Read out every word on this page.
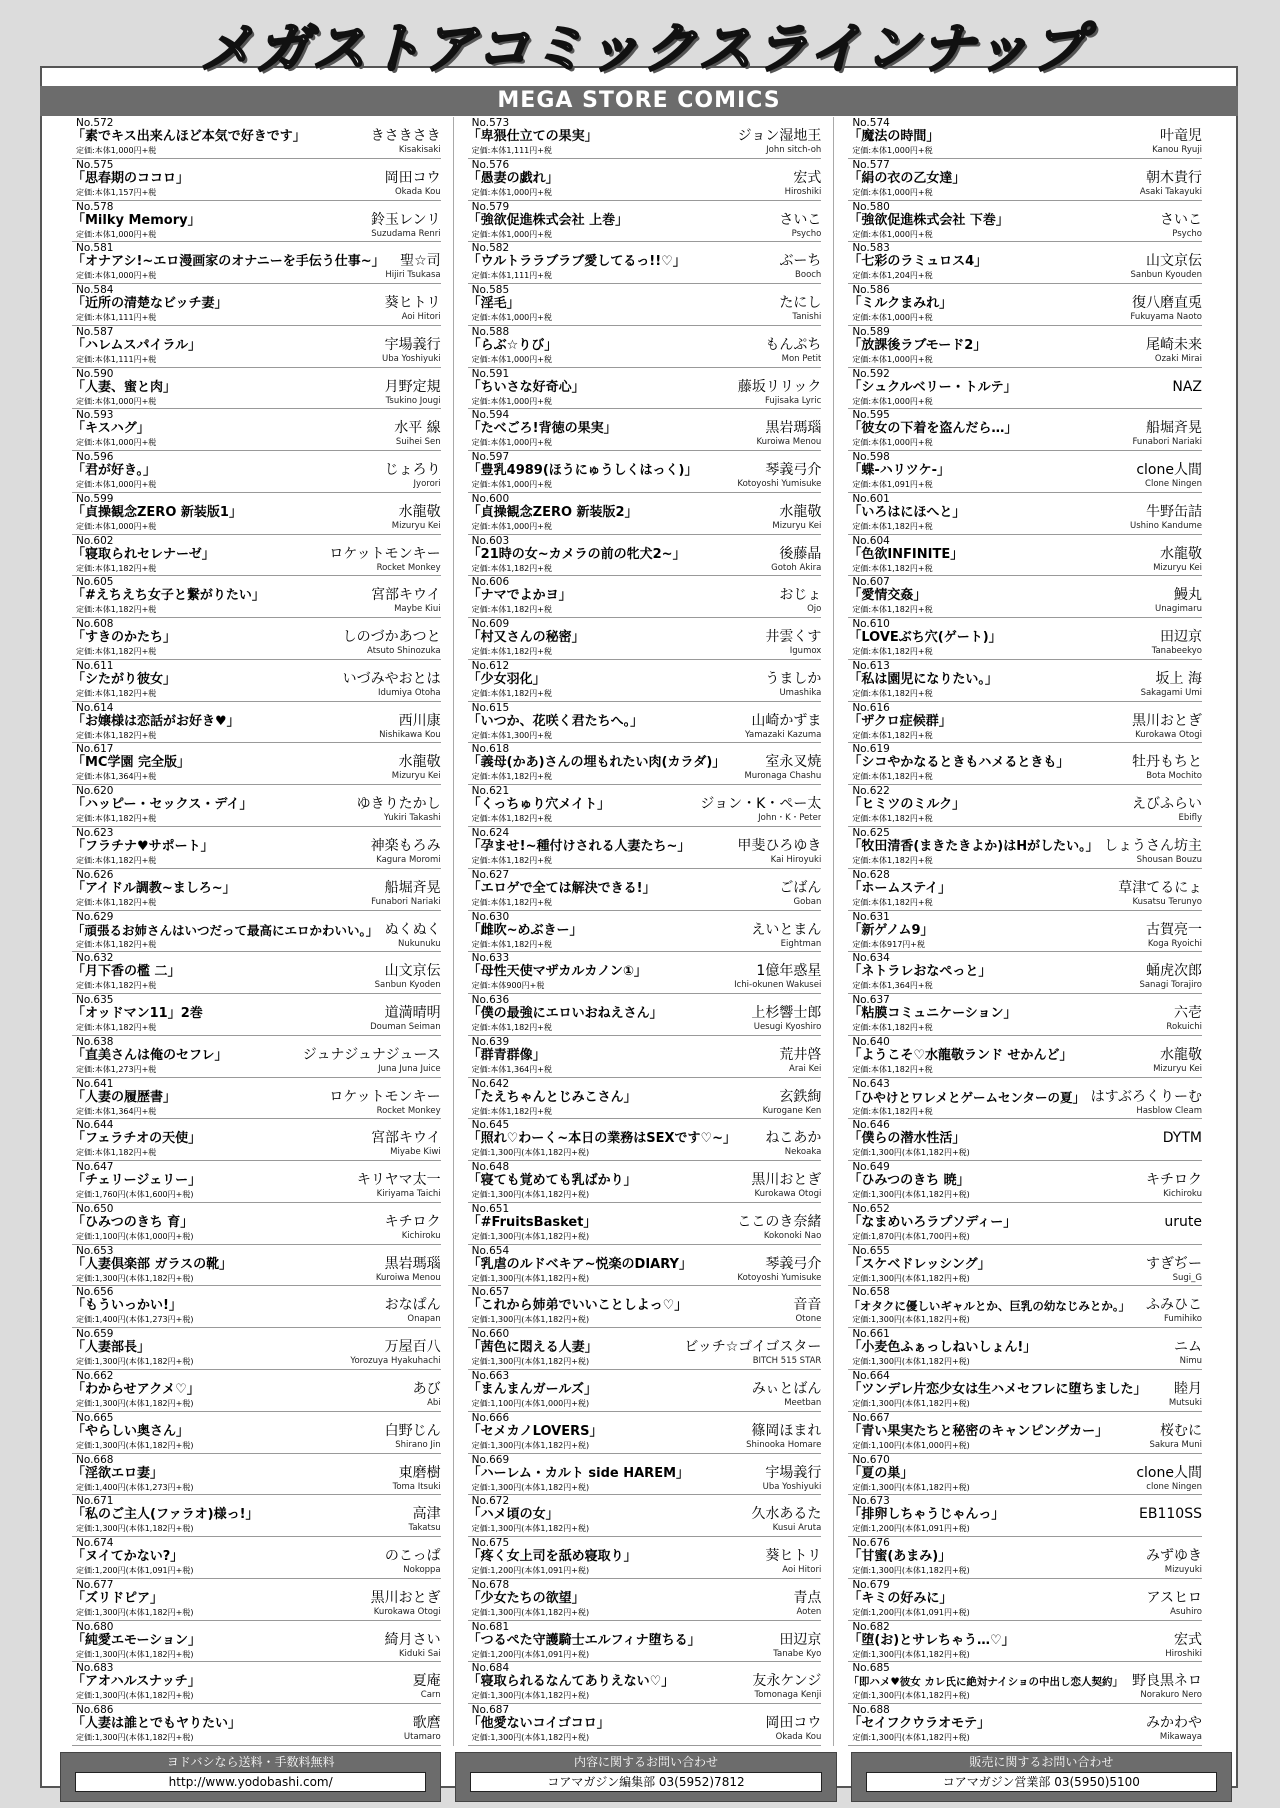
メガストアコミックスラインナップ
MEGA STORE COMICS
No.572
「素でキス出来んほど本気で好きです」
定価:本体1,000円+税
きさきさき
Kisakisaki
No.575
「思春期のココロ」
定価:本体1,157円+税
岡田コウ
Okada Kou
No.578
「Milky Memory」
定価:本体1,000円+税
鈴玉レンリ
Suzudama Renri
No.581
「オナアシ!~エロ漫画家のオナニーを手伝う仕事~」
定価:本体1,000円+税
聖☆司
Hijiri Tsukasa
No.584
「近所の清楚なビッチ妻」
定価:本体1,111円+税
葵ヒトリ
Aoi Hitori
No.587
「ハレムスパイラル」
定価:本体1,111円+税
宇場義行
Uba Yoshiyuki
No.590
「人妻、蜜と肉」
定価:本体1,000円+税
月野定規
Tsukino Jougi
No.593
「キスハグ」
定価:本体1,000円+税
水平 線
Suihei Sen
No.596
「君が好き。」
定価:本体1,000円+税
じょろり
Jyorori
No.599
「貞操観念ZERO 新装版1」
定価:本体1,000円+税
水龍敬
Mizuryu Kei
No.602
「寝取られセレナーゼ」
定価:本体1,182円+税
ロケットモンキー
Rocket Monkey
No.605
「#えちえち女子と繋がりたい」
定価:本体1,182円+税
宮部キウイ
Maybe Kiui
No.608
「すきのかたち」
定価:本体1,182円+税
しのづかあつと
Atsuto Shinozuka
No.611
「シたがり彼女」
定価:本体1,182円+税
いづみやおとは
Idumiya Otoha
No.614
「お嬢様は恋話がお好き♥」
定価:本体1,182円+税
西川康
Nishikawa Kou
No.617
「MC学園 完全版」
定価:本体1,364円+税
水龍敬
Mizuryu Kei
No.620
「ハッピー・セックス・デイ」
定価:本体1,182円+税
ゆきりたかし
Yukiri Takashi
No.623
「フラチナ♥サポート」
定価:本体1,182円+税
神楽もろみ
Kagura Moromi
No.626
「アイドル調教~ましろ~」
定価:本体1,182円+税
船堀斉晃
Funabori Nariaki
No.629
「頑張るお姉さんはいつだって最高にエロかわいい。」
定価:本体1,182円+税
ぬくぬく
Nukunuku
No.632
「月下香の檻 二」
定価:本体1,182円+税
山文京伝
Sanbun Kyoden
No.635
「オッドマン11」2巻
定価:本体1,182円+税
道満晴明
Douman Seiman
No.638
「直美さんは俺のセフレ」
定価:本体1,273円+税
ジュナジュナジュース
Juna Juna Juice
No.641
「人妻の履歴書」
定価:本体1,364円+税
ロケットモンキー
Rocket Monkey
No.644
「フェラチオの天使」
定価:本体1,182円+税
宮部キウイ
Miyabe Kiwi
No.647
「チェリージェリー」
定価:1,760円(本体1,600円+税)
キリヤマ太一
Kiriyama Taichi
No.650
「ひみつのきち 育」
定価:1,100円(本体1,000円+税)
キチロク
Kichiroku
No.653
「人妻倶楽部 ガラスの靴」
定価:1,300円(本体1,182円+税)
黒岩瑪瑙
Kuroiwa Menou
No.656
「もういっかい!」
定価:1,400円(本体1,273円+税)
おなぱん
Onapan
No.659
「人妻部長」
定価:1,300円(本体1,182円+税)
万屋百八
Yorozuya Hyakuhachi
No.662
「わからせアクメ♡」
定価:1,300円(本体1,182円+税)
あび
Abi
No.665
「やらしい奥さん」
定価:1,300円(本体1,182円+税)
白野じん
Shirano Jin
No.668
「淫欲エロ妻」
定価:1,400円(本体1,273円+税)
東磨樹
Toma Itsuki
No.671
「私のご主人(ファラオ)様っ!」
定価:1,300円(本体1,182円+税)
高津
Takatsu
No.674
「ヌイてかない?」
定価:1,200円(本体1,091円+税)
のこっぱ
Nokoppa
No.677
「ズリドピア」
定価:1,300円(本体1,182円+税)
黒川おとぎ
Kurokawa Otogi
No.680
「純愛エモーション」
定価:1,300円(本体1,182円+税)
綺月さい
Kiduki Sai
No.683
「アオハルスナッチ」
定価:1,300円(本体1,182円+税)
夏庵
Carn
No.686
「人妻は誰とでもヤりたい」
定価:1,300円(本体1,182円+税)
歌麿
Utamaro
No.573
「卑猥仕立ての果実」
定価:本体1,111円+税
ジョン湿地王
John sitch-oh
No.576
「愚妻の戯れ」
定価:本体1,000円+税
宏式
Hiroshiki
No.579
「強欲促進株式会社 上巻」
定価:本体1,000円+税
さいこ
Psycho
No.582
「ウルトララブラブ愛してるっ!!♡」
定価:本体1,111円+税
ぶーち
Booch
No.585
「淫毛」
定価:本体1,000円+税
たにし
Tanishi
No.588
「らぶ☆りび」
定価:本体1,000円+税
もんぷち
Mon Petit
No.591
「ちいさな好奇心」
定価:本体1,000円+税
藤坂リリック
Fujisaka Lyric
No.594
「たべごろ!背徳の果実」
定価:本体1,000円+税
黒岩瑪瑙
Kuroiwa Menou
No.597
「豊乳4989(ほうにゅうしくはっく)」
定価:本体1,000円+税
琴義弓介
Kotoyoshi Yumisuke
No.600
「貞操観念ZERO 新装版2」
定価:本体1,000円+税
水龍敬
Mizuryu Kei
No.603
「21時の女~カメラの前の牝犬2~」
定価:本体1,182円+税
後藤晶
Gotoh Akira
No.606
「ナマでよかヨ」
定価:本体1,182円+税
おじょ
Ojo
No.609
「村又さんの秘密」
定価:本体1,182円+税
井雲くす
Igumox
No.612
「少女羽化」
定価:本体1,182円+税
うましか
Umashika
No.615
「いつか、花咲く君たちへ。」
定価:本体1,300円+税
山崎かずま
Yamazaki Kazuma
No.618
「義母(かあ)さんの埋もれたい肉(カラダ)」
定価:本体1,182円+税
室永叉焼
Muronaga Chashu
No.621
「くっちゅり穴メイト」
定価:本体1,182円+税
ジョン・K・ペー太
John・K・Peter
No.624
「孕ませ!~種付けされる人妻たち~」
定価:本体1,182円+税
甲斐ひろゆき
Kai Hiroyuki
No.627
「エロゲで全ては解決できる!」
定価:本体1,182円+税
ごばん
Goban
No.630
「雌吹~めぶきー」
定価:本体1,182円+税
えいとまん
Eightman
No.633
「母性天使マザカルカノン①」
定価:本体900円+税
1億年惑星
Ichi-okunen Wakusei
No.636
「僕の最強にエロいおねえさん」
定価:本体1,182円+税
上杉響士郎
Uesugi Kyoshiro
No.639
「群青群像」
定価:本体1,364円+税
荒井啓
Arai Kei
No.642
「たえちゃんとじみこさん」
定価:本体1,182円+税
玄鉄絢
Kurogane Ken
No.645
「照れ♡わーく~本日の業務はSEXです♡~」
定価:1,300円(本体1,182円+税)
ねこあか
Nekoaka
No.648
「寝ても覚めても乳ばかり」
定価:1,300円(本体1,182円+税)
黒川おとぎ
Kurokawa Otogi
No.651
「#FruitsBasket」
定価:1,300円(本体1,182円+税)
ここのき奈緒
Kokonoki Nao
No.654
「乳虐のルドベキア~悦楽のDIARY」
定価:1,300円(本体1,182円+税)
琴義弓介
Kotoyoshi Yumisuke
No.657
「これから姉弟でいいことしよっ♡」
定価:1,300円(本体1,182円+税)
音音
Otone
No.660
「茜色に悶える人妻」
定価:1,300円(本体1,182円+税)
ビッチ☆ゴイゴスター
BITCH 515 STAR
No.663
「まんまんガールズ」
定価:1,100円(本体1,000円+税)
みぃとばん
Meetban
No.666
「セメカノLOVERS」
定価:1,300円(本体1,182円+税)
篠岡ほまれ
Shinooka Homare
No.669
「ハーレム・カルト side HAREM」
定価:1,300円(本体1,182円+税)
宇場義行
Uba Yoshiyuki
No.672
「ハメ頃の女」
定価:1,300円(本体1,182円+税)
久水あるた
Kusui Aruta
No.675
「疼く女上司を舐め寝取り」
定価:1,200円(本体1,091円+税)
葵ヒトリ
Aoi Hitori
No.678
「少女たちの欲望」
定価:1,300円(本体1,182円+税)
青点
Aoten
No.681
「つるぺた守護騎士エルフィナ堕ちる」
定価:1,200円(本体1,091円+税)
田辺京
Tanabe Kyo
No.684
「寝取られるなんてありえない♡」
定価:1,300円(本体1,182円+税)
友永ケンジ
Tomonaga Kenji
No.687
「他愛ないコイゴコロ」
定価:1,300円(本体1,182円+税)
岡田コウ
Okada Kou
No.574
「魔法の時間」
定価:本体1,000円+税
叶竜児
Kanou Ryuji
No.577
「絹の衣の乙女達」
定価:本体1,000円+税
朝木貴行
Asaki Takayuki
No.580
「強欲促進株式会社 下巻」
定価:本体1,000円+税
さいこ
Psycho
No.583
「七彩のラミュロス4」
定価:本体1,204円+税
山文京伝
Sanbun Kyouden
No.586
「ミルクまみれ」
定価:本体1,000円+税
復八磨直兎
Fukuyama Naoto
No.589
「放課後ラブモード2」
定価:本体1,000円+税
尾崎未来
Ozaki Mirai
No.592
「シュクルベリー・トルテ」
定価:本体1,000円+税
NAZ
No.595
「彼女の下着を盗んだら…」
定価:本体1,000円+税
船堀斉晃
Funabori Nariaki
No.598
「蝶-ハリツケ-」
定価:本体1,091円+税
clone人間
Clone Ningen
No.601
「いろはにほへと」
定価:本体1,182円+税
牛野缶詰
Ushino Kandume
No.604
「色欲INFINITE」
定価:本体1,182円+税
水龍敬
Mizuryu Kei
No.607
「愛情交姦」
定価:本体1,182円+税
鰻丸
Unagimaru
No.610
「LOVEぶち穴(ゲート)」
定価:本体1,182円+税
田辺京
Tanabeekyo
No.613
「私は園児になりたい。」
定価:本体1,182円+税
坂上 海
Sakagami Umi
No.616
「ザクロ症候群」
定価:本体1,182円+税
黒川おとぎ
Kurokawa Otogi
No.619
「シコやかなるときもハメるときも」
定価:本体1,182円+税
牡丹もちと
Bota Mochito
No.622
「ヒミツのミルク」
定価:本体1,182円+税
えびふらい
Ebifly
No.625
「牧田清香(まきたきよか)はHがしたい。」
定価:本体1,182円+税
しょうさん坊主
Shousan Bouzu
No.628
「ホームステイ」
定価:本体1,182円+税
草津てるにょ
Kusatsu Terunyo
No.631
「新ゲノム9」
定価:本体917円+税
古賀亮一
Koga Ryoichi
No.634
「ネトラレおなぺっと」
定価:本体1,364円+税
蛹虎次郎
Sanagi Torajiro
No.637
「粘膜コミュニケーション」
定価:本体1,182円+税
六壱
Rokuichi
No.640
「ようこそ♡水龍敬ランド せかんど」
定価:本体1,182円+税
水龍敬
Mizuryu Kei
No.643
「ひやけとワレメとゲームセンターの夏」
定価:本体1,182円+税
はすぶろくりーむ
Hasblow Cleam
No.646
「僕らの潜水性活」
定価:1,300円(本体1,182円+税)
DYTM
No.649
「ひみつのきち 暁」
定価:1,300円(本体1,182円+税)
キチロク
Kichiroku
No.652
「なまめいろラプソディー」
定価:1,870円(本体1,700円+税)
urute
No.655
「スケベドレッシング」
定価:1,300円(本体1,182円+税)
すぎぢー
Sugi_G
No.658
「オタクに優しいギャルとか、巨乳の幼なじみとか。」
定価:1,300円(本体1,182円+税)
ふみひこ
Fumihiko
No.661
「小麦色ふぁっしねいしょん!」
定価:1,300円(本体1,182円+税)
ニム
Nimu
No.664
「ツンデレ片恋少女は生ハメセフレに堕ちました」
定価:1,300円(本体1,182円+税)
睦月
Mutsuki
No.667
「青い果実たちと秘密のキャンピングカー」
定価:1,100円(本体1,000円+税)
桜むに
Sakura Muni
No.670
「夏の巣」
定価:1,300円(本体1,182円+税)
clone人間
clone Ningen
No.673
「排卵しちゃうじゃんっ」
定価:1,200円(本体1,091円+税)
EB110SS
No.676
「甘蜜(あまみ)」
定価:1,300円(本体1,182円+税)
みずゆき
Mizuyuki
No.679
「キミの好みに」
定価:1,200円(本体1,091円+税)
アスヒロ
Asuhiro
No.682
「堕(お)とサレちゃう…♡」
定価:1,300円(本体1,182円+税)
宏式
Hiroshiki
No.685
「即ハメ♥彼女 カレ氏に絶対ナイショの中出し恋人契約」
定価:1,300円(本体1,182円+税)
野良黒ネロ
Norakuro Nero
No.688
「セイフクウラオモテ」
定価:1,300円(本体1,182円+税)
みかわや
Mikawaya
ヨドバシなら送料・手数料無料
http://www.yodobashi.com/
内容に関するお問い合わせ
コアマガジン編集部 03(5952)7812
販売に関するお問い合わせ
コアマガジン営業部 03(5950)5100
